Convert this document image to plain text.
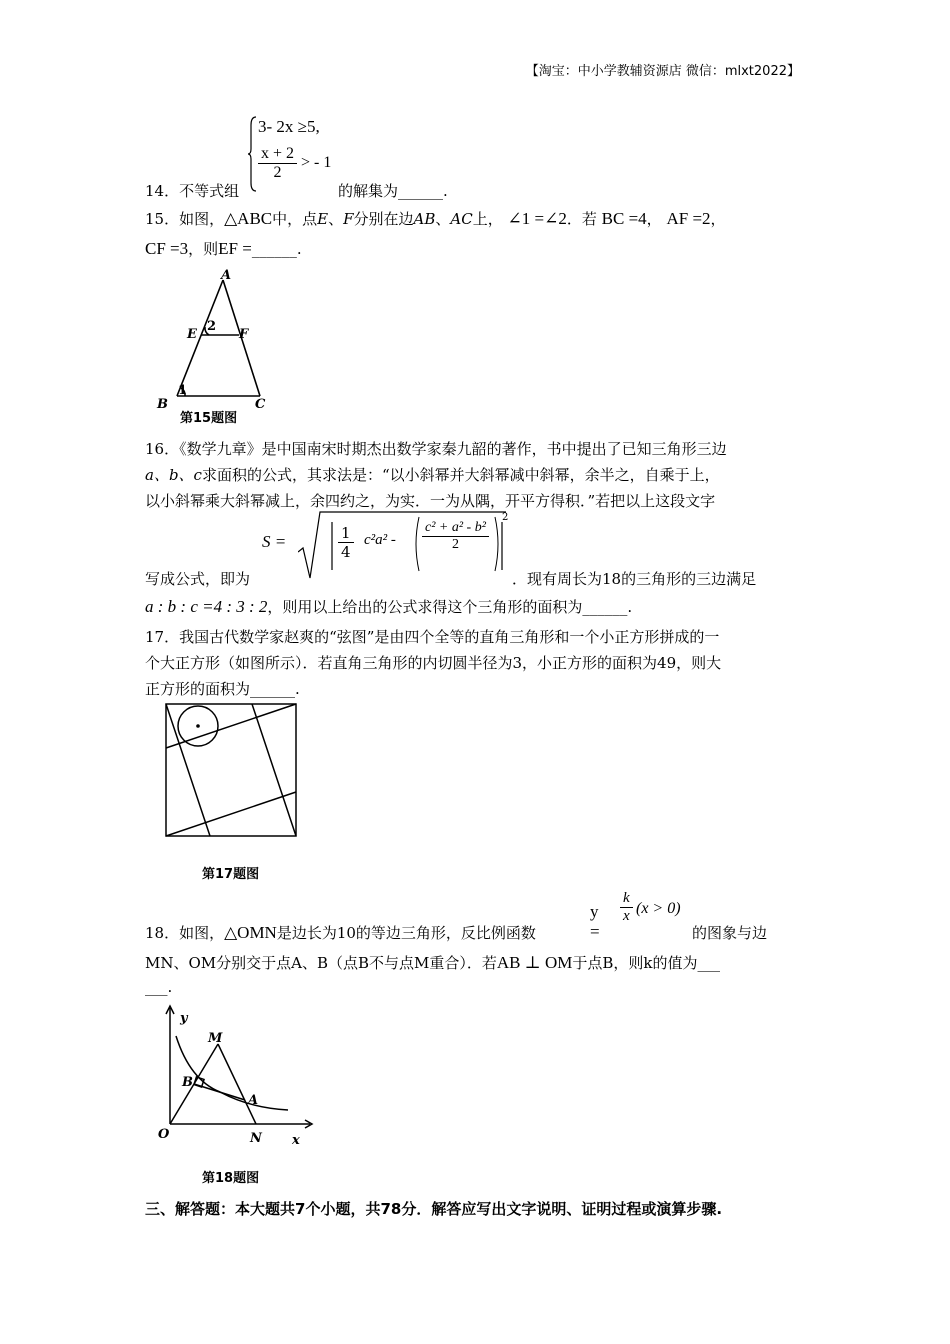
【淘宝：中小学教辅资源店 微信：mlxt2022】
3- 2x ≥5,
$\frac{x + 2}{2}$ > - 1
14．不等式组	的解集为______.
15．如图，△ABC中，点E、F分别在边AB、AC上， ∠1 =∠2．若 BC =4， AF =2，
CF =3，则EF =______.
A
E	F
2
1
B	C
第15题图
16．《数学九章》是中国南宋时期杰出数学家秦九韶的著作，书中提出了已知三角形三边
a、b、c求面积的公式，其求法是：“以小斜幂并大斜幂减中斜幂，余半之，自乘于上，
以小斜幂乘大斜幂减上，余四约之，为实．一为从隅，开平方得积．”若把以上这段文字
S =	$\frac{1}{4} c^2a^2 - \frac{\text{c² + a² - b²}}{2}$
2
写成公式，即为	．现有周长为18的三角形的三边满足
a : b : c =4 : 3 : 2，则用以上给出的公式求得这个三角形的面积为______.
17．我国古代数学家赵爽的“弦图”是由四个全等的直角三角形和一个小正方形拼成的一
个大正方形（如图所示）．若直角三角形的内切圆半径为3，小正方形的面积为49，则大
正方形的面积为______.
第17题图
y =
$\frac{k}{x} (x > 0)$
18．如图，△OMN是边长为10的等边三角形，反比例函数	的图象与边
MN、OM分别交于点A、B（点B不与点M重合）．若AB ⊥ OM于点B，则k的值为___
___.
y
M
B
A
O	N x
第18题图
三、解答题：本大题共7个小题，共78分．解答应写出文字说明、证明过程或演算步骤.
